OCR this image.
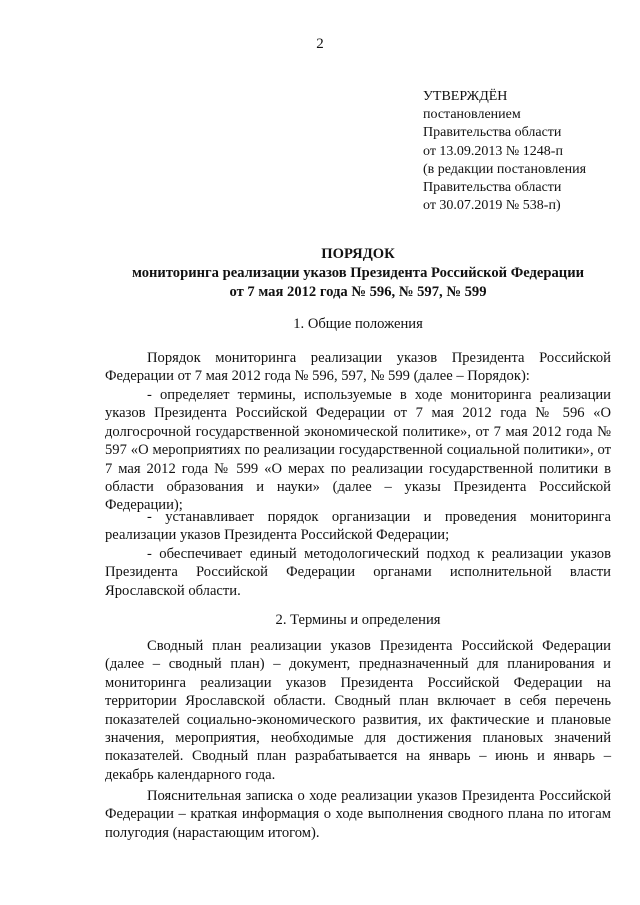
2
УТВЕРЖДЁН
постановлением
Правительства области
от 13.09.2013 № 1248-п
(в редакции постановления
Правительства области
от 30.07.2019 № 538-п)
ПОРЯДОК
мониторинга реализации указов Президента Российской Федерации
от 7 мая 2012 года № 596, № 597, № 599
1. Общие положения
Порядок мониторинга реализации указов Президента Российской Федерации от 7 мая 2012 года № 596, 597, № 599 (далее – Порядок):
- определяет термины, используемые в ходе мониторинга реализации указов Президента Российской Федерации от 7 мая 2012 года № 596 «О долгосрочной государственной экономической политике», от 7 мая 2012 года № 597 «О мероприятиях по реализации государственной социальной политики», от 7 мая 2012 года № 599 «О мерах по реализации государственной политики в области образования и науки» (далее – указы Президента Российской Федерации);
- устанавливает порядок организации и проведения мониторинга реализации указов Президента Российской Федерации;
- обеспечивает единый методологический подход к реализации указов Президента Российской Федерации органами исполнительной власти Ярославской области.
2. Термины и определения
Сводный план реализации указов Президента Российской Федерации (далее – сводный план) – документ, предназначенный для планирования и мониторинга реализации указов Президента Российской Федерации на территории Ярославской области. Сводный план включает в себя перечень показателей социально-экономического развития, их фактические и плановые значения, мероприятия, необходимые для достижения плановых значений показателей. Сводный план разрабатывается на январь – июнь и январь – декабрь календарного года.
Пояснительная записка о ходе реализации указов Президента Российской Федерации – краткая информация о ходе выполнения сводного плана по итогам полугодия (нарастающим итогом).
